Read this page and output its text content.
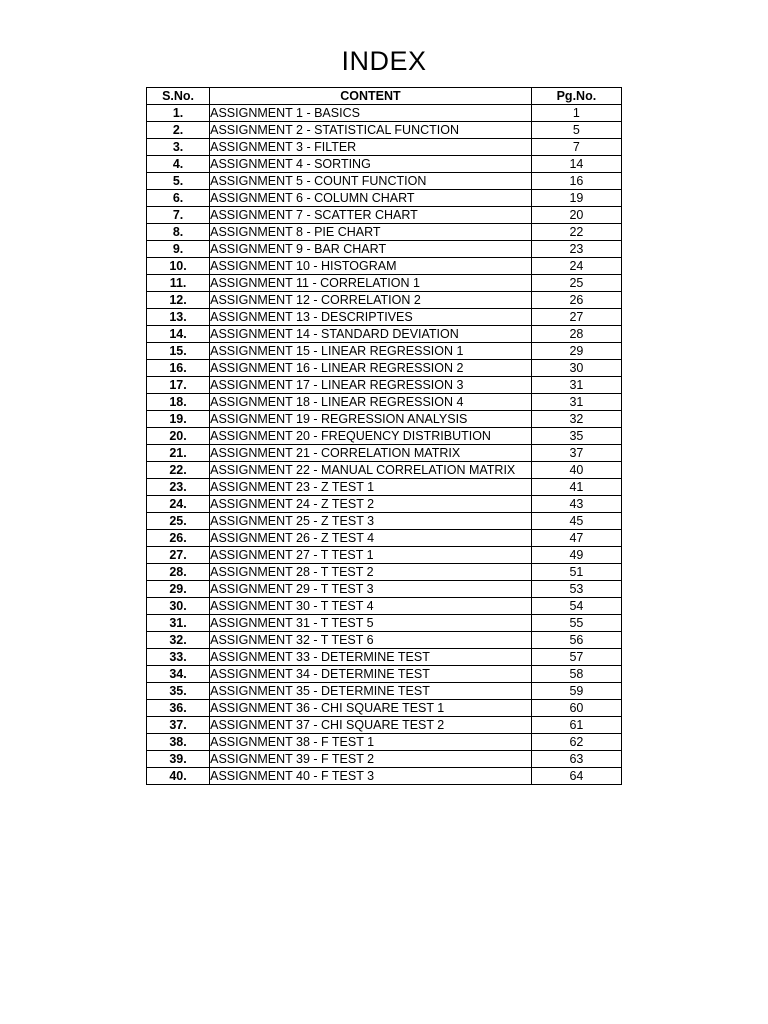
INDEX
S.No.	CONTENT	Pg.No.
1.	ASSIGNMENT 1 - BASICS	1
2.	ASSIGNMENT 2 - STATISTICAL FUNCTION	5
3.	ASSIGNMENT 3 - FILTER	7
4.	ASSIGNMENT 4 - SORTING	14
5.	ASSIGNMENT 5 - COUNT FUNCTION	16
6.	ASSIGNMENT 6 - COLUMN CHART	19
7.	ASSIGNMENT 7 - SCATTER CHART	20
8.	ASSIGNMENT 8 - PIE CHART	22
9.	ASSIGNMENT 9 - BAR CHART	23
10.	ASSIGNMENT 10 - HISTOGRAM	24
11.	ASSIGNMENT 11 - CORRELATION 1	25
12.	ASSIGNMENT 12 - CORRELATION 2	26
13.	ASSIGNMENT 13 - DESCRIPTIVES	27
14.	ASSIGNMENT 14 - STANDARD DEVIATION	28
15.	ASSIGNMENT 15 - LINEAR REGRESSION 1	29
16.	ASSIGNMENT 16 - LINEAR REGRESSION 2	30
17.	ASSIGNMENT 17 - LINEAR REGRESSION 3	31
18.	ASSIGNMENT 18 - LINEAR REGRESSION 4	31
19.	ASSIGNMENT 19 - REGRESSION ANALYSIS	32
20.	ASSIGNMENT 20 - FREQUENCY DISTRIBUTION	35
21.	ASSIGNMENT 21 - CORRELATION MATRIX	37
22.	ASSIGNMENT 22 - MANUAL CORRELATION MATRIX	40
23.	ASSIGNMENT 23 - Z TEST 1	41
24.	ASSIGNMENT 24 - Z TEST 2	43
25.	ASSIGNMENT 25 - Z TEST 3	45
26.	ASSIGNMENT 26 - Z TEST 4	47
27.	ASSIGNMENT 27 - T TEST 1	49
28.	ASSIGNMENT 28 - T TEST 2	51
29.	ASSIGNMENT 29 - T TEST 3	53
30.	ASSIGNMENT 30 - T TEST 4	54
31.	ASSIGNMENT 31 - T TEST 5	55
32.	ASSIGNMENT 32 - T TEST 6	56
33.	ASSIGNMENT 33 - DETERMINE TEST	57
34.	ASSIGNMENT 34 - DETERMINE TEST	58
35.	ASSIGNMENT 35 - DETERMINE TEST	59
36.	ASSIGNMENT 36 - CHI SQUARE TEST 1	60
37.	ASSIGNMENT 37 - CHI SQUARE TEST 2	61
38.	ASSIGNMENT 38 - F TEST 1	62
39.	ASSIGNMENT 39 - F TEST 2	63
40.	ASSIGNMENT 40 - F TEST 3	64
